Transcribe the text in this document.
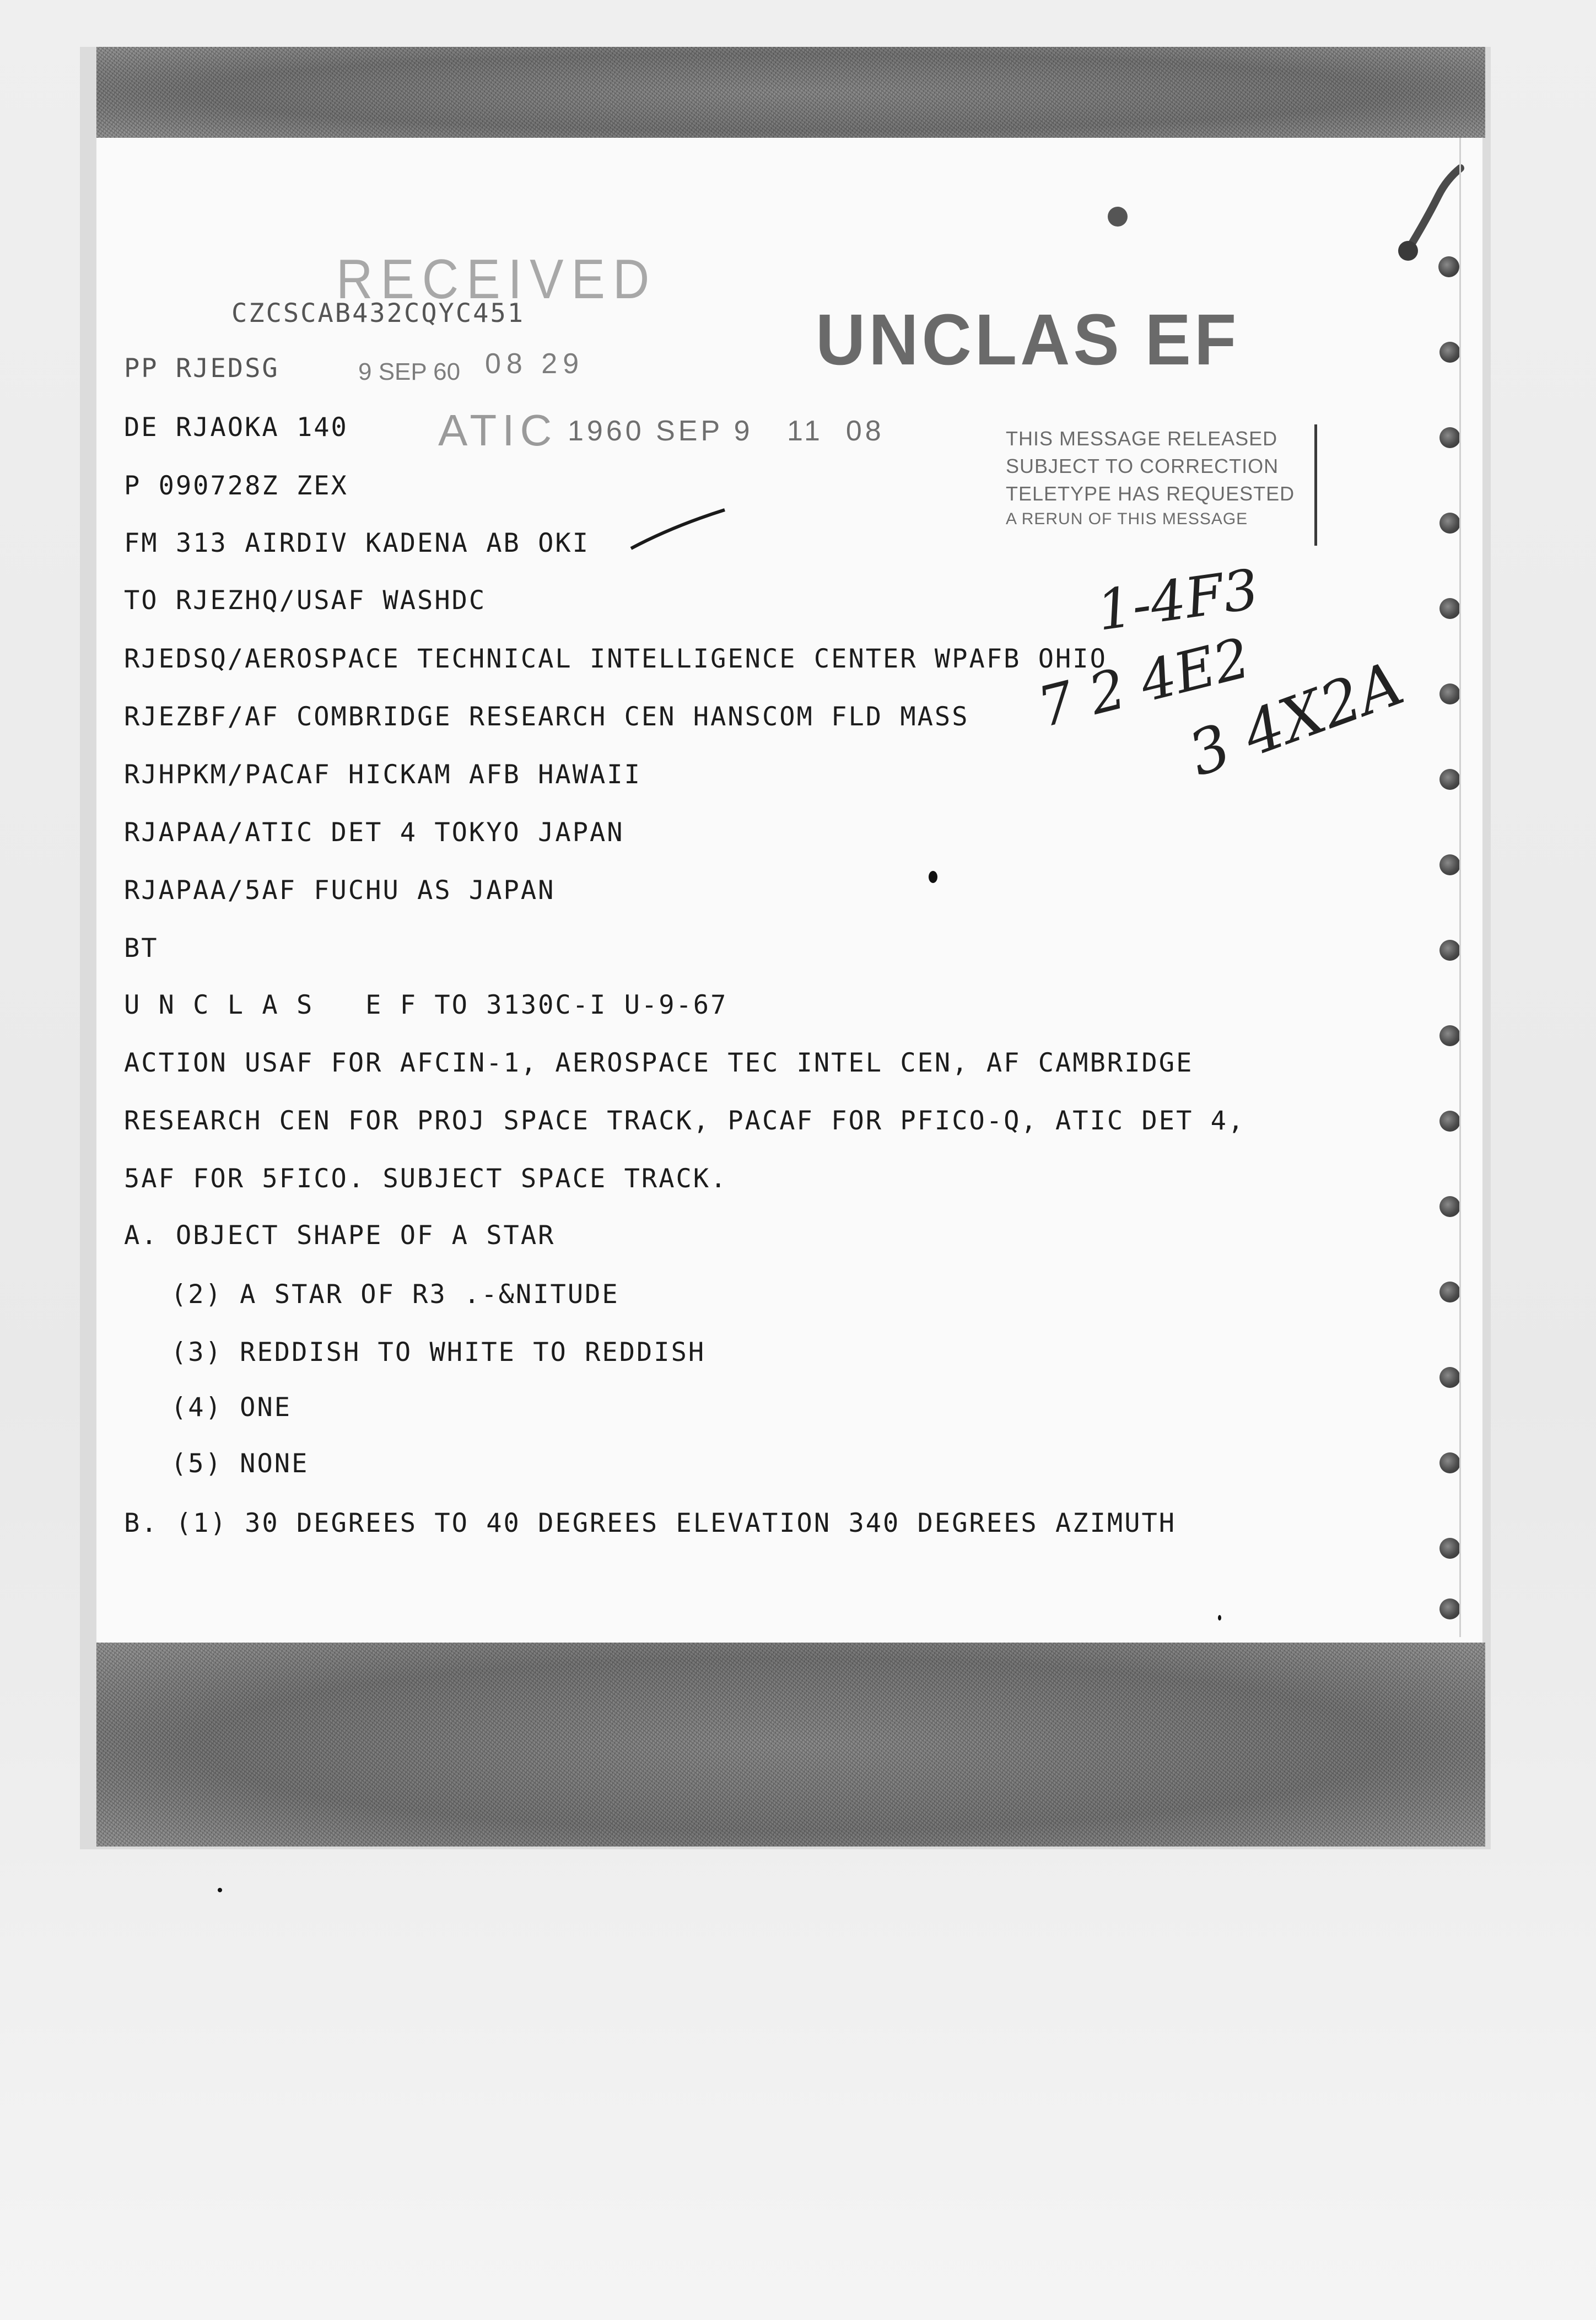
RECEIVED
9 SEP 60 08 29
ATIC 1960 SEP 9   11  08
UNCLAS EF
THIS MESSAGE RELEASED
SUBJECT TO CORRECTION
TELETYPE HAS REQUESTED
A RERUN OF THIS MESSAGE
1-4F3
7 2 4E2
3 4X2A
CZCSCAB432CQYC451
PP RJEDSG
DE RJAOKA 140
P 090728Z ZEX
FM 313 AIRDIV KADENA AB OKI
TO RJEZHQ/USAF WASHDC
RJEDSQ/AEROSPACE TECHNICAL INTELLIGENCE CENTER WPAFB OHIO
RJEZBF/AF COMBRIDGE RESEARCH CEN HANSCOM FLD MASS
RJHPKM/PACAF HICKAM AFB HAWAII
RJAPAA/ATIC DET 4 TOKYO JAPAN
RJAPAA/5AF FUCHU AS JAPAN
BT
U N C L A S   E F TO 3130C-I U-9-67
ACTION USAF FOR AFCIN-1, AEROSPACE TEC INTEL CEN, AF CAMBRIDGE
RESEARCH CEN FOR PROJ SPACE TRACK, PACAF FOR PFICO-Q, ATIC DET 4,
5AF FOR 5FICO. SUBJECT SPACE TRACK.
A. OBJECT SHAPE OF A STAR
(2) A STAR OF R3 .-&NITUDE
(3) REDDISH TO WHITE TO REDDISH
(4) ONE
(5) NONE
B. (1) 30 DEGREES TO 40 DEGREES ELEVATION 340 DEGREES AZIMUTH
